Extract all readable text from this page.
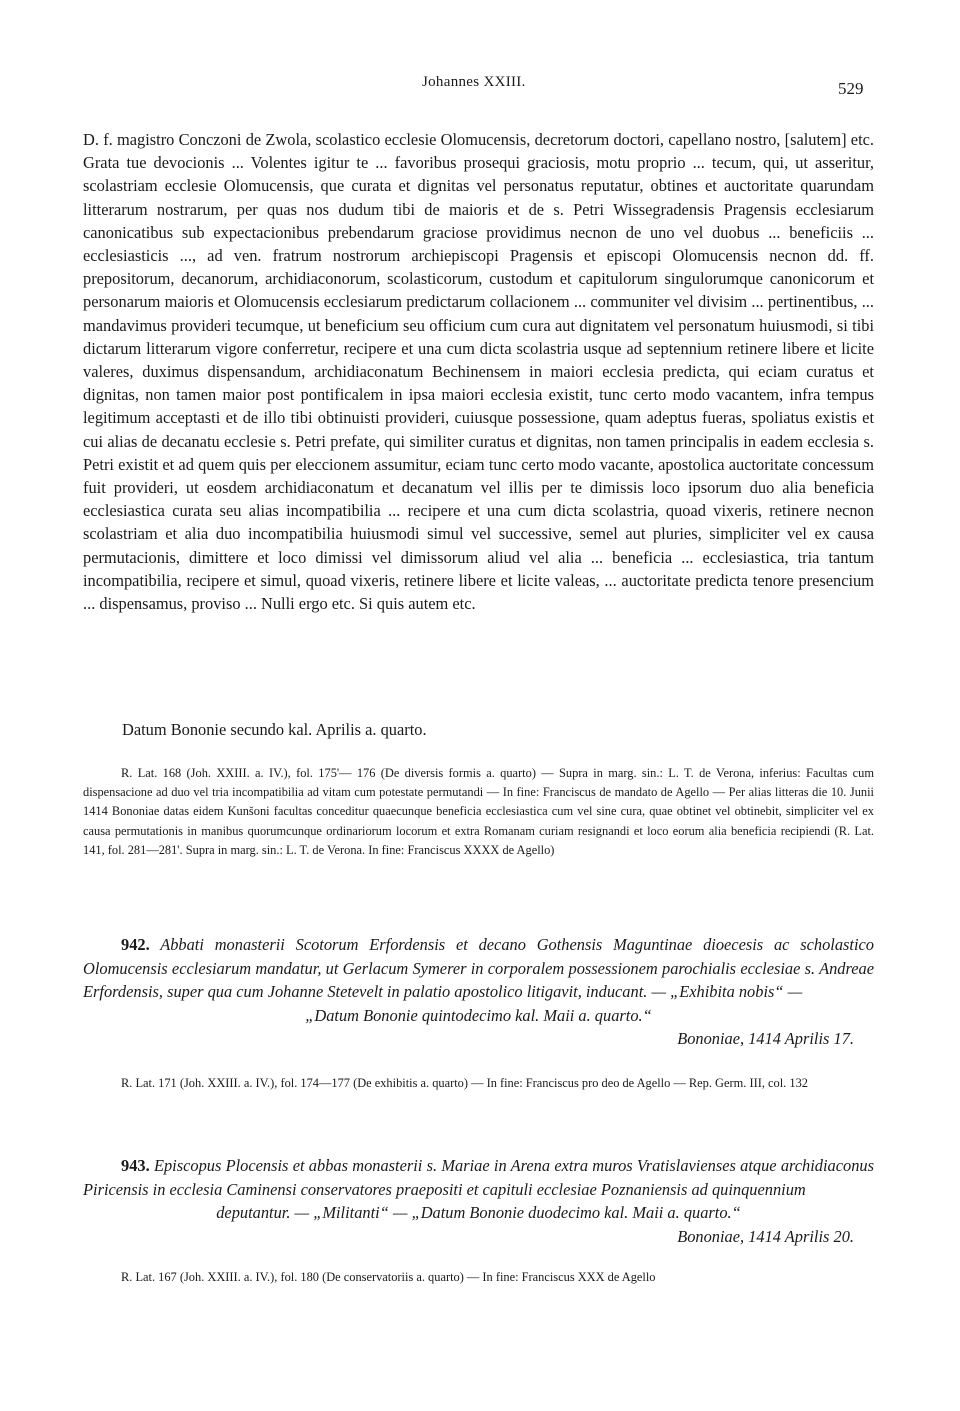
Johannes XXIII.	529

D. f. magistro Conczoni de Zwola, scolastico ecclesie Olomucensis, decretorum doctori, capellano nostro, [salutem] etc. Grata tue devocionis ... Volentes igitur te ... favoribus prosequi graciosis, motu proprio ... tecum, qui, ut asseritur, scolastriam ecclesie Olomucensis, que curata et dignitas vel personatus reputatur, obtines et auctoritate quarundam litterarum nostrarum, per quas nos dudum tibi de maioris et de s. Petri Wissegradensis Pragensis ecclesiarum canonicatibus sub expectacionibus prebendarum graciose providimus necnon de uno vel duobus ... beneficiis ... ecclesiasticis ..., ad ven. fratrum nostrorum archiepiscopi Pragensis et episcopi Olomucensis necnon dd. ff. prepositorum, decanorum, archidiaconorum, scolasticorum, custodum et capitulorum singulorumque canonicorum et personarum maioris et Olomucensis ecclesiarum predictarum collacionem ... communiter vel divisim ... pertinentibus, ... mandavimus provideri tecumque, ut beneficium seu officium cum cura aut dignitatem vel personatum huiusmodi, si tibi dictarum litterarum vigore conferretur, recipere et una cum dicta scolastria usque ad septennium retinere libere et licite valeres, duximus dispensandum, archidiaconatum Bechinensem in maiori ecclesia predicta, qui eciam curatus et dignitas, non tamen maior post pontificalem in ipsa maiori ecclesia existit, tunc certo modo vacantem, infra tempus legitimum acceptasti et de illo tibi obtinuisti provideri, cuiusque possessione, quam adeptus fueras, spoliatus existis et cui alias de decanatu ecclesie s. Petri prefate, qui similiter curatus et dignitas, non tamen principalis in eadem ecclesia s. Petri existit et ad quem quis per eleccionem assumitur, eciam tunc certo modo vacante, apostolica auctoritate concessum fuit provideri, ut eosdem archidiaconatum et decanatum vel illis per te dimissis loco ipsorum duo alia beneficia ecclesiastica curata seu alias incompatibilia ... recipere et una cum dicta scolastria, quoad vixeris, retinere necnon scolastriam et alia duo incompatibilia huiusmodi simul vel successive, semel aut pluries, simpliciter vel ex causa permutacionis, dimittere et loco dimissi vel dimissorum aliud vel alia ... beneficia ... ecclesiastica, tria tantum incompatibilia, recipere et simul, quoad vixeris, retinere libere et licite valeas, ... auctoritate predicta tenore presencium ... dispensamus, proviso ... Nulli ergo etc. Si quis autem etc.

Datum Bononie secundo kal. Aprilis a. quarto.

R. Lat. 168 (Joh. XXIII. a. IV.), fol. 175'— 176 (De diversis formis a. quarto) — Supra in marg. sin.: L. T. de Verona, inferius: Facultas cum dispensacione ad duo vel tria incompatibilia ad vitam cum potestate permutandi — In fine: Franciscus de mandato de Agello — Per alias litteras die 10. Junii 1414 Bononiae datas eidem Kunšoni facultas conceditur quaecunque beneficia ecclesiastica cum vel sine cura, quae obtinet vel obtinebit, simpliciter vel ex causa permutationis in manibus quorumcunque ordinariorum locorum et extra Romanam curiam resignandi et loco eorum alia beneficia recipiendi (R. Lat. 141, fol. 281—281'. Supra in marg. sin.: L. T. de Verona. In fine: Franciscus XXXX de Agello)

942. Abbati monasterii Scotorum Erfordensis et decano Gothensis Maguntinae dioecesis ac scholastico Olomucensis ecclesiarum mandatur, ut Gerlacum Symerer in corporalem possessionem parochialis ecclesiae s. Andreae Erfordensis, super qua cum Johanne Stetevelt in palatio apostolico litigavit, inducant. — „Exhibita nobis“ —

„Datum Bononie quintodecimo kal. Maii a. quarto.“

Bononiae, 1414 Aprilis 17.

R. Lat. 171 (Joh. XXIII. a. IV.), fol. 174—177 (De exhibitis a. quarto) — In fine: Franciscus pro deo de Agello — Rep. Germ. III, col. 132

943. Episcopus Plocensis et abbas monasterii s. Mariae in Arena extra muros Vratislavienses atque archidiaconus Piricensis in ecclesia Caminensi conservatores praepositi et capituli ecclesiae Poznaniensis ad quinquennium

deputantur. — „Militanti“ — „Datum Bononie duodecimo kal. Maii a. quarto.“

Bononiae, 1414 Aprilis 20.

R. Lat. 167 (Joh. XXIII. a. IV.), fol. 180 (De conservatoriis a. quarto) — In fine: Franciscus XXX de Agello
